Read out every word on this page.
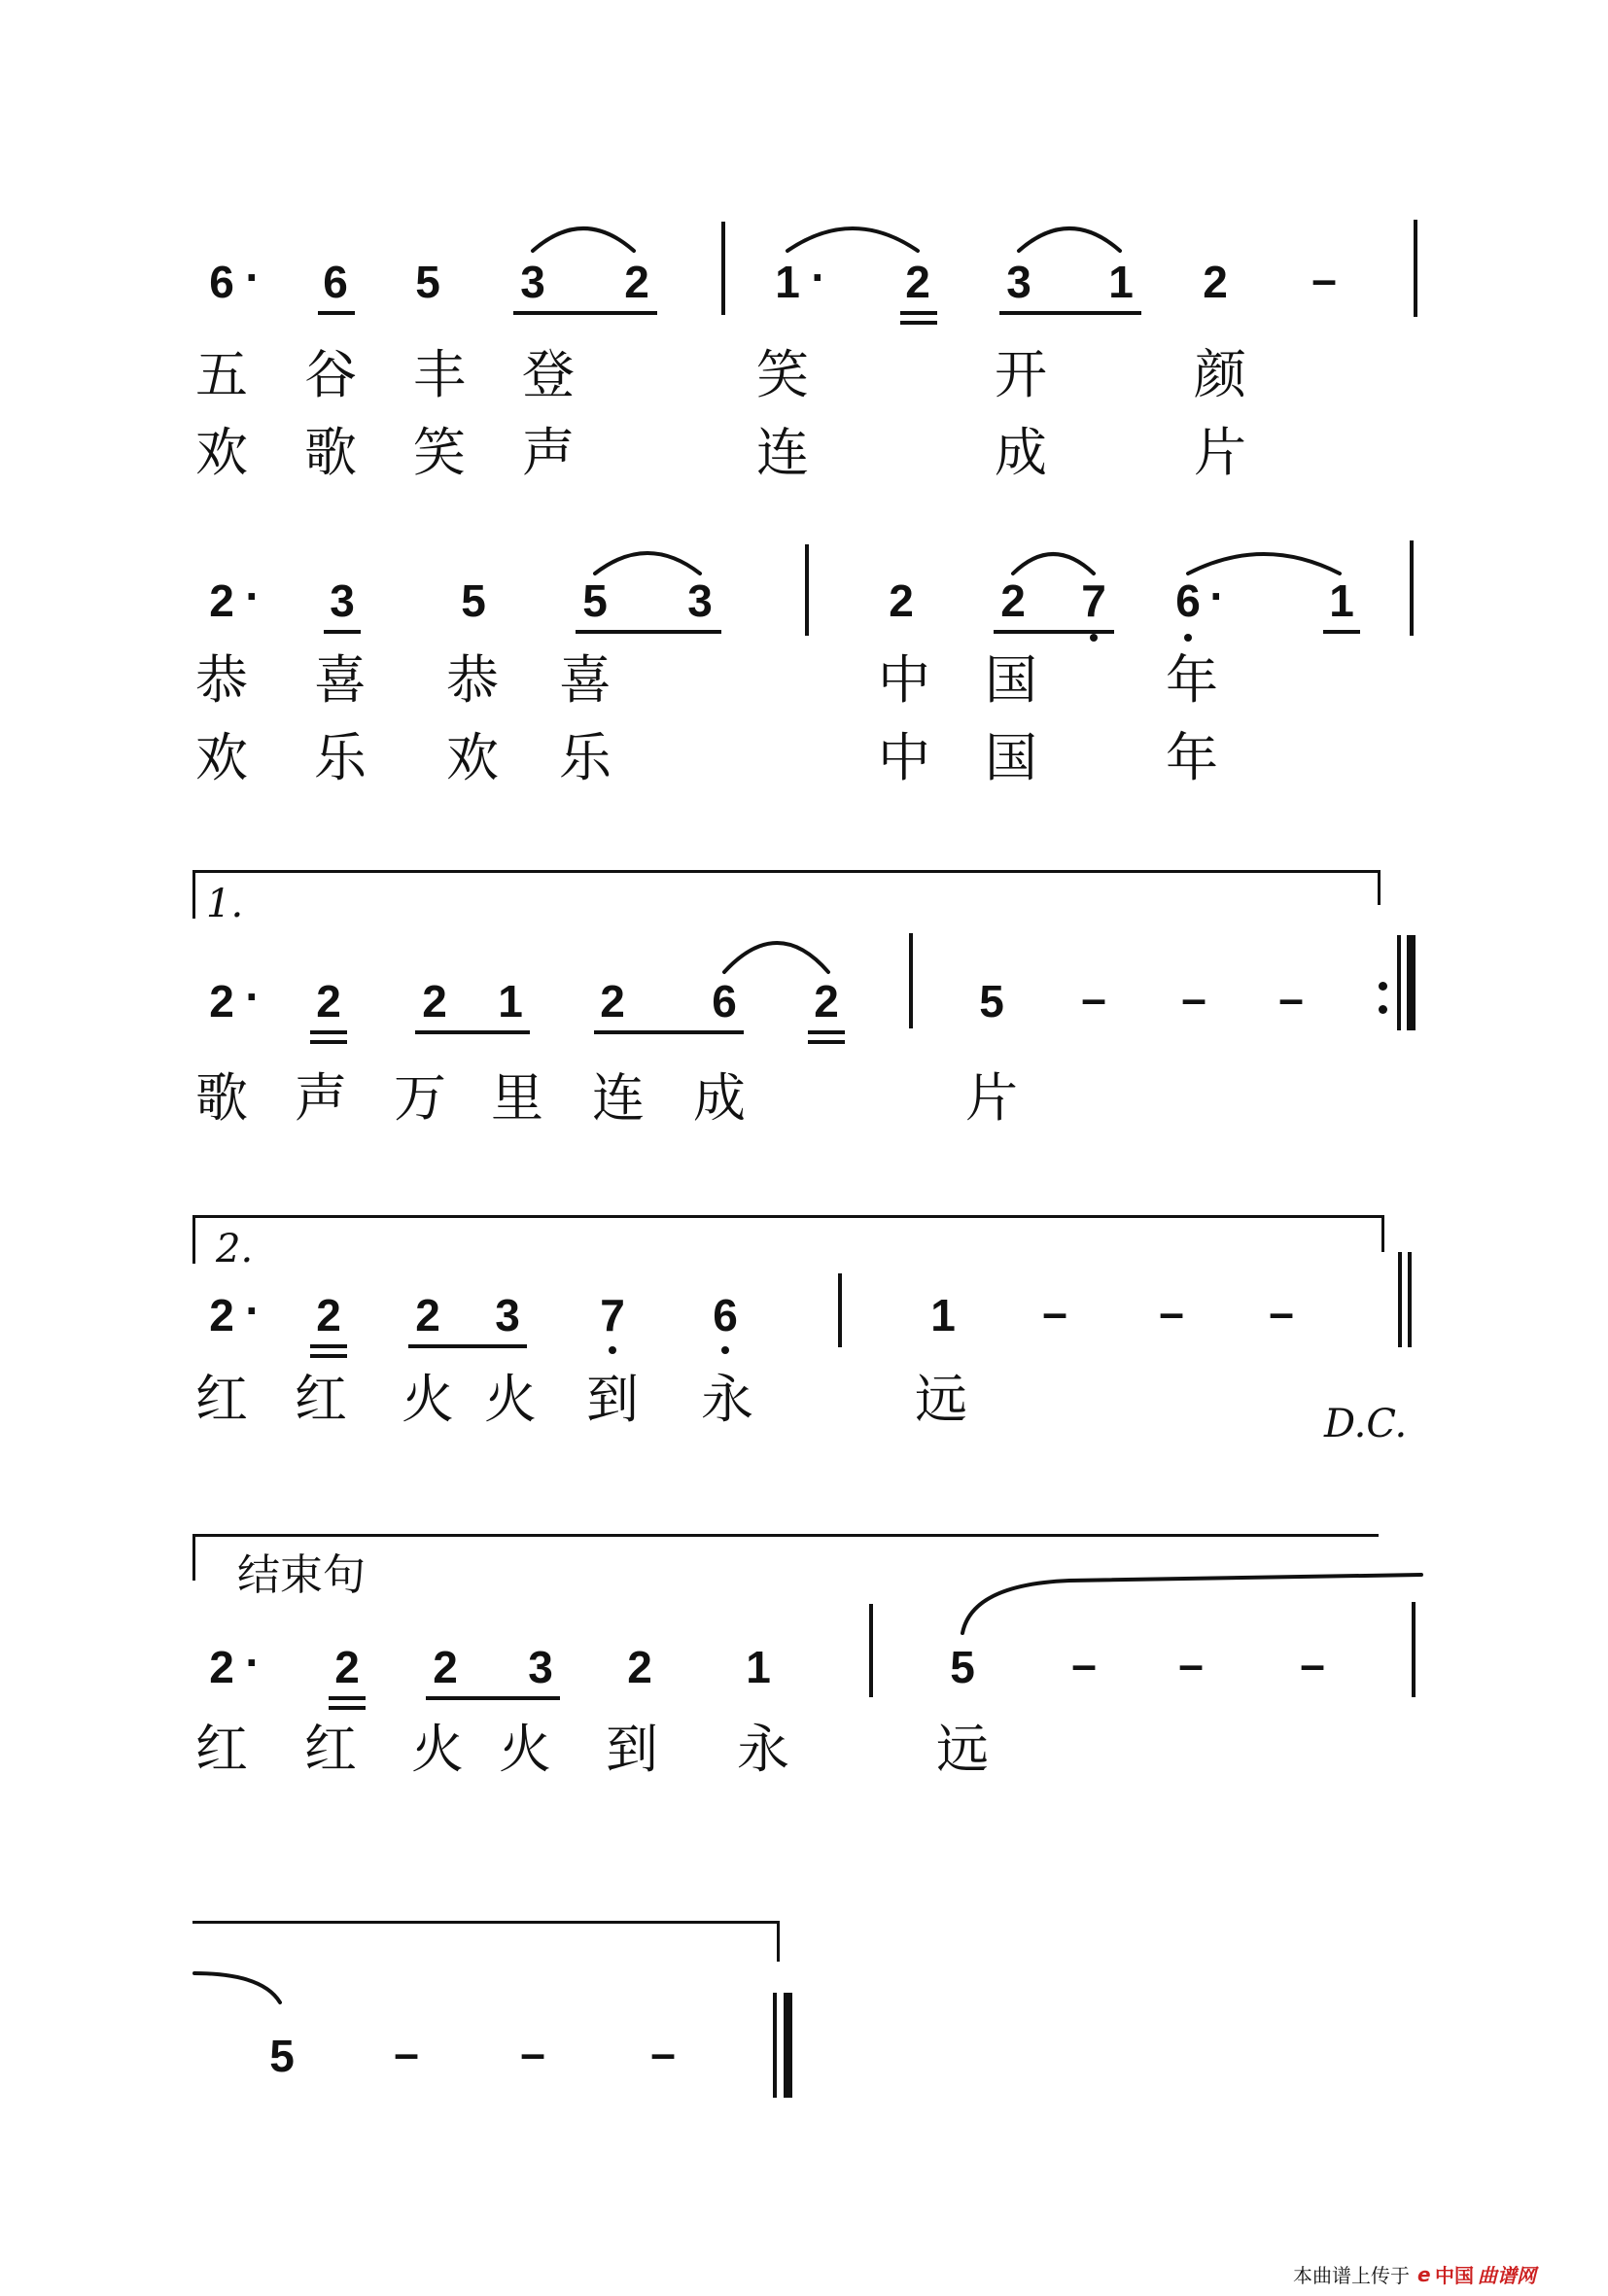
6 · 6 5 3 2	1 · 2 3 1 2 –
五 谷 丰 登	笑	开	颜
欢 歌 笑 声	连	成	片
2 · 3 5 5 3	2 2 7 6 · 1
恭 喜 恭 喜	中 国 年
欢 乐 欢 乐	中 国 年
1.
2 · 2 2 1 2 6 2	5 – – –
歌 声 万 里 连 成	片
2.
2 · 2 2 3 7 6	1 – – –
红 红 火 火 到 永	远	D.C.
结束句
2 · 2 2 3 2 1	5 – – –
红 红 火 火 到 永	远
5 – – –
本曲谱上传于 e 中国 曲谱网
